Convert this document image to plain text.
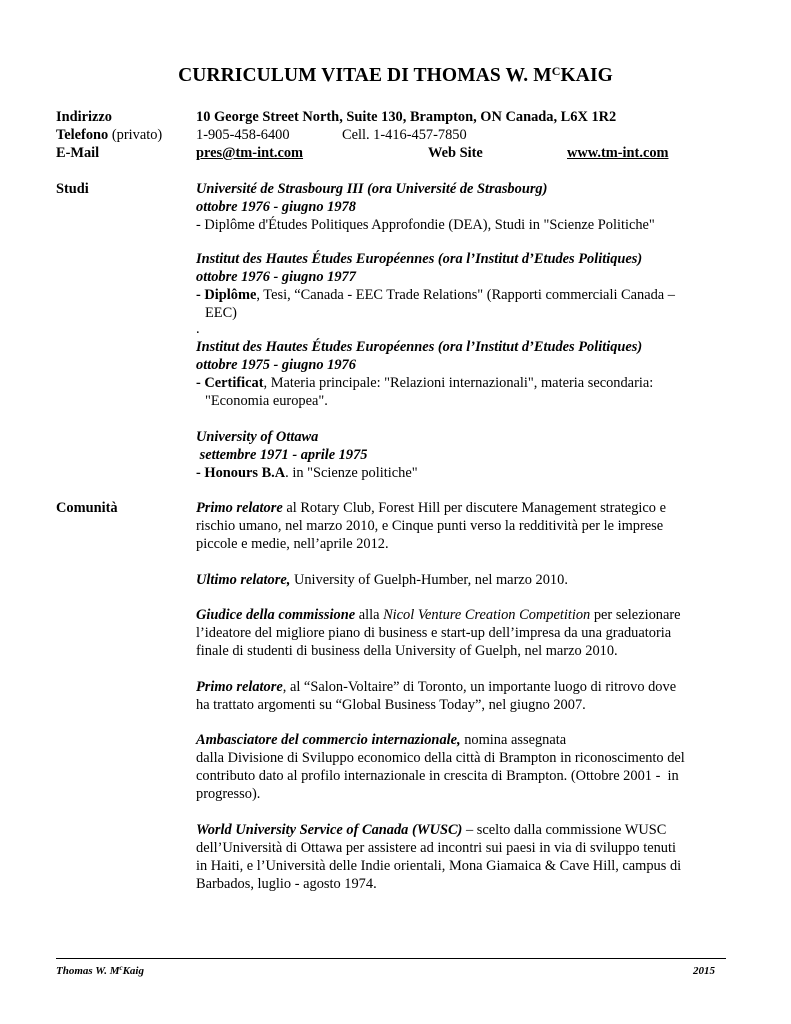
CURRICULUM VITAE DI THOMAS W. $M^CKAIG$
Indirizzo	10 George Street North, Suite 130, Brampton, ON Canada, L6X 1R2
Telefono (privato) 1-905-458-6400	Cell. 1-416-457-7850
E-Mail	pres@tm-int.com	Web Site	www.tm-int.com
Studi	Université de Strasbourg III (ora Université de Strasbourg)

ottobre 1976 - giugno 1978

- Diplôme d'Études Politiques Approfondie (DEA), Studi in "Scienze Politiche"

Institut des Hautes Études Européennes (ora l’Institut d’Etudes Politiques)

ottobre 1976 - giugno 1977

- Diplôme, Tesi, “Canada - EEC Trade Relations" (Rapporti commerciali Canada –

EEC)

.

Institut des Hautes Études Européennes (ora l’Institut d’Etudes Politiques)

ottobre 1975 - giugno 1976

- Certificat, Materia principale: "Relazioni internazionali", materia secondaria:

"Economia europea".

University of Ottawa

settembre 1971 - aprile 1975

- Honours B.A. in "Scienze politiche"

Comunità	Primo relatore al Rotary Club, Forest Hill per discutere Management strategico e

rischio umano, nel marzo 2010, e Cinque punti verso la redditività per le imprese

piccole e medie, nell’aprile 2012.

Ultimo relatore, University of Guelph-Humber, nel marzo 2010.

Giudice della commissione alla Nicol Venture Creation Competition per selezionare

l’ideatore del migliore piano di business e start-up dell’impresa da una graduatoria

finale di studenti di business della University of Guelph, nel marzo 2010.

Primo relatore, al “Salon-Voltaire” di Toronto, un importante luogo di ritrovo dove

ha trattato argomenti su “Global Business Today”, nel giugno 2007.

Ambasciatore del commercio internazionale, nomina assegnata

dalla Divisione di Sviluppo economico della città di Brampton in riconoscimento del

contributo dato al profilo internazionale in crescita di Brampton. (Ottobre 2001 -  in

progresso).

World University Service of Canada (WUSC) – scelto dalla commissione WUSC

dell’Università di Ottawa per assistere ad incontri sui paesi in via di sviluppo tenuti

in Haiti, e l’Università delle Indie orientali, Mona Giamaica & Cave Hill, campus di

Barbados, luglio - agosto 1974.

Thomas W. $M^cKaig$	2015
